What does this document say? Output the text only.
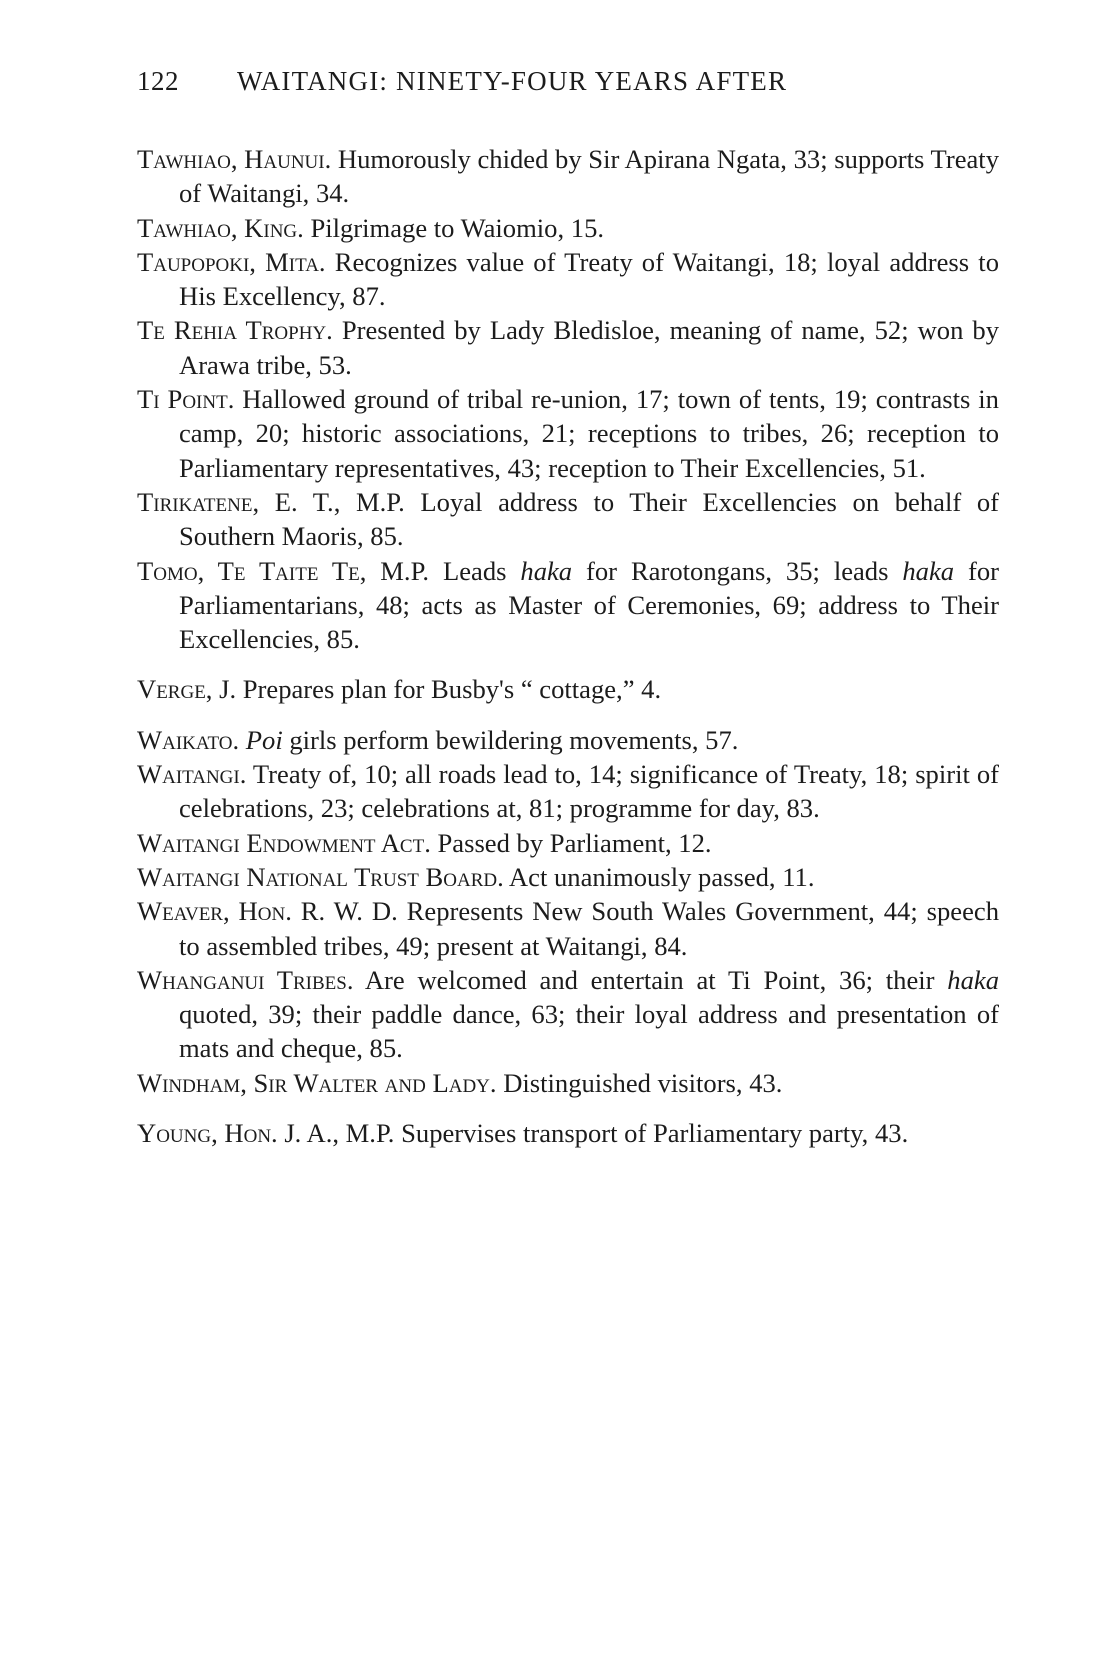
122 WAITANGI: NINETY-FOUR YEARS AFTER

Tawhiao, Haunui. Humorously chided by Sir Apirana Ngata, 33; supports Treaty of Waitangi, 34.

Tawhiao, King. Pilgrimage to Waiomio, 15.

Taupopoki, Mita. Recognizes value of Treaty of Waitangi, 18; loyal address to His Excellency, 87.

Te Rehia Trophy. Presented by Lady Bledisloe, meaning of name, 52; won by Arawa tribe, 53.

Ti Point. Hallowed ground of tribal re-union, 17; town of tents, 19; contrasts in camp, 20; historic associations, 21; receptions to tribes, 26; reception to Parliamentary representatives, 43; reception to Their Excellencies, 51.

Tirikatene, E. T., M.P. Loyal address to Their Excellencies on behalf of Southern Maoris, 85.

Tomo, Te Taite Te, M.P. Leads haka for Rarotongans, 35; leads haka for Parliamentarians, 48; acts as Master of Ceremonies, 69; address to Their Excellencies, 85.

Verge, J. Prepares plan for Busby's “ cottage,” 4.

Waikato. Poi girls perform bewildering movements, 57.

Waitangi. Treaty of, 10; all roads lead to, 14; significance of Treaty, 18; spirit of celebrations, 23; celebrations at, 81; programme for day, 83.

Waitangi Endowment Act. Passed by Parliament, 12.

Waitangi National Trust Board. Act unanimously passed, 11.

Weaver, Hon. R. W. D. Represents New South Wales Government, 44; speech to assembled tribes, 49; present at Waitangi, 84.

Whanganui Tribes. Are welcomed and entertain at Ti Point, 36; their haka quoted, 39; their paddle dance, 63; their loyal address and presentation of mats and cheque, 85.

Windham, Sir Walter and Lady. Distinguished visitors, 43.

Young, Hon. J. A., M.P. Supervises transport of Parliamentary party, 43.
